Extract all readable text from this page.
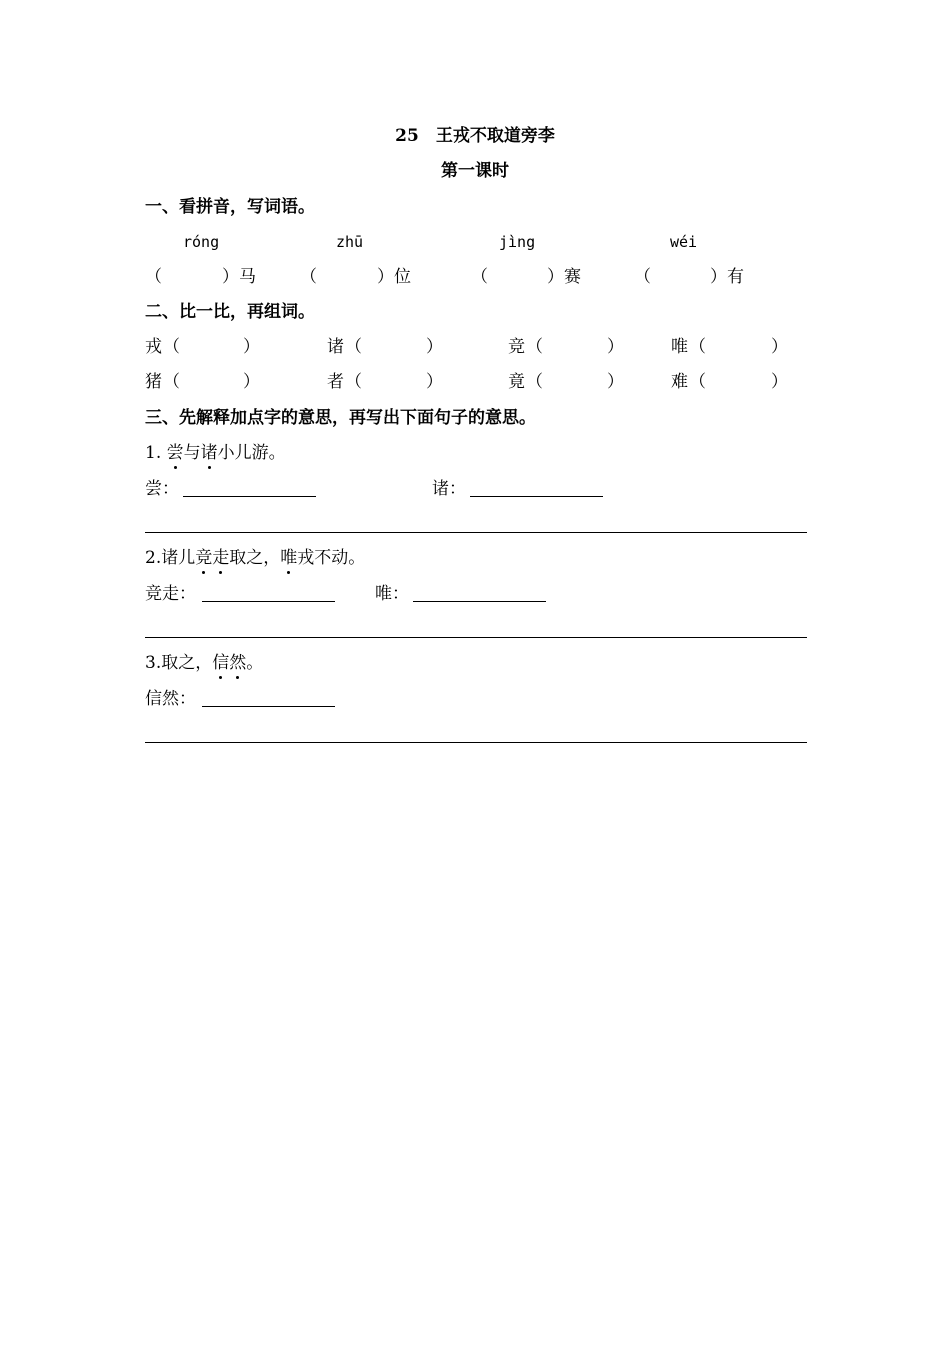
25　王戎不取道旁李
第一课时
一、看拼音，写词语。
róng	zhū	jìng	wéi
（	）马	（	）位	（	）赛	（	）有
二、比一比，再组词。
戎 （	）	诸 （	）	竞 （	）	唯 （	）
猪 （	）	者 （	）	竟 （	）	难 （	）
三、先解释加点字的意思，再写出下面句子的意思。
1. 尝与诸小儿游。
尝：	诸：
2.诸儿竞走取之，唯戎不动。
竞走：	唯：
3.取之，信然。
信然：
